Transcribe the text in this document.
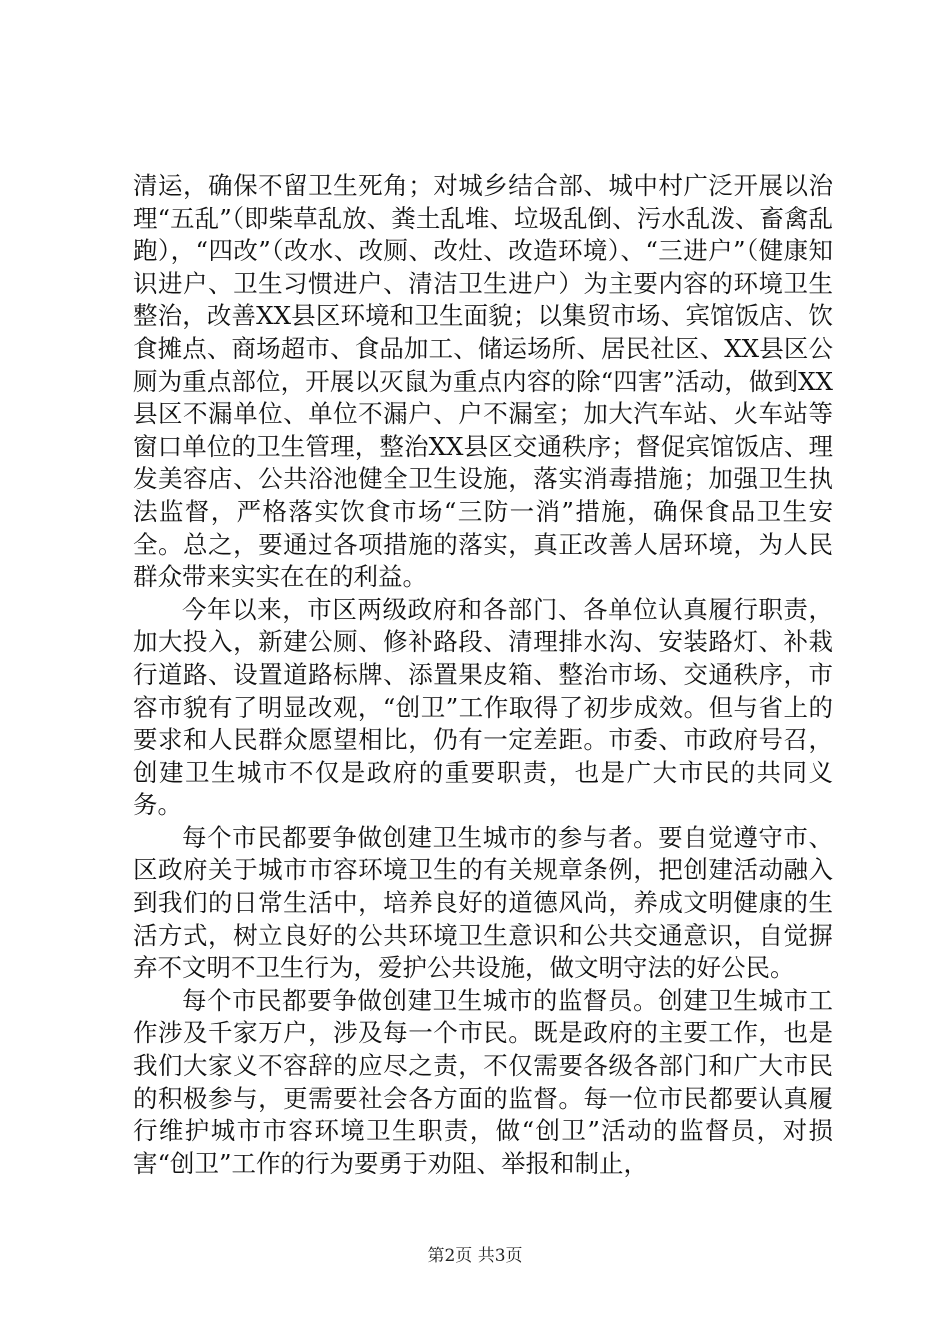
清运，确保不留卫生死角；对城乡结合部、城中村广泛开展以治理“五乱”（即柴草乱放、粪土乱堆、垃圾乱倒、污水乱泼、畜禽乱跑），“四改”（改水、改厕、改灶、改造环境）、“三进户”（健康知识进户、卫生习惯进户、清洁卫生进户）为主要内容的环境卫生整治，改善XX县区环境和卫生面貌；以集贸市场、宾馆饭店、饮食摊点、商场超市、食品加工、储运场所、居民社区、XX县区公厕为重点部位，开展以灭鼠为重点内容的除“四害”活动，做到XX县区不漏单位、单位不漏户、户不漏室；加大汽车站、火车站等窗口单位的卫生管理，整治XX县区交通秩序；督促宾馆饭店、理发美容店、公共浴池健全卫生设施，落实消毒措施；加强卫生执法监督，严格落实饮食市场“三防一消”措施，确保食品卫生安全。总之，要通过各项措施的落实，真正改善人居环境，为人民群众带来实实在在的利益。

今年以来，市区两级政府和各部门、各单位认真履行职责，加大投入，新建公厕、修补路段、清理排水沟、安装路灯、补栽行道路、设置道路标牌、添置果皮箱、整治市场、交通秩序，市容市貌有了明显改观，“创卫”工作取得了初步成效。但与省上的要求和人民群众愿望相比，仍有一定差距。市委、市政府号召，创建卫生城市不仅是政府的重要职责，也是广大市民的共同义务。

每个市民都要争做创建卫生城市的参与者。要自觉遵守市、区政府关于城市市容环境卫生的有关规章条例，把创建活动融入到我们的日常生活中，培养良好的道德风尚，养成文明健康的生活方式，树立良好的公共环境卫生意识和公共交通意识，自觉摒弃不文明不卫生行为，爱护公共设施，做文明守法的好公民。

每个市民都要争做创建卫生城市的监督员。创建卫生城市工作涉及千家万户，涉及每一个市民。既是政府的主要工作，也是我们大家义不容辞的应尽之责，不仅需要各级各部门和广大市民的积极参与，更需要社会各方面的监督。每一位市民都要认真履行维护城市市容环境卫生职责，做“创卫”活动的监督员，对损害“创卫”工作的行为要勇于劝阻、举报和制止，

第2页 共3页
